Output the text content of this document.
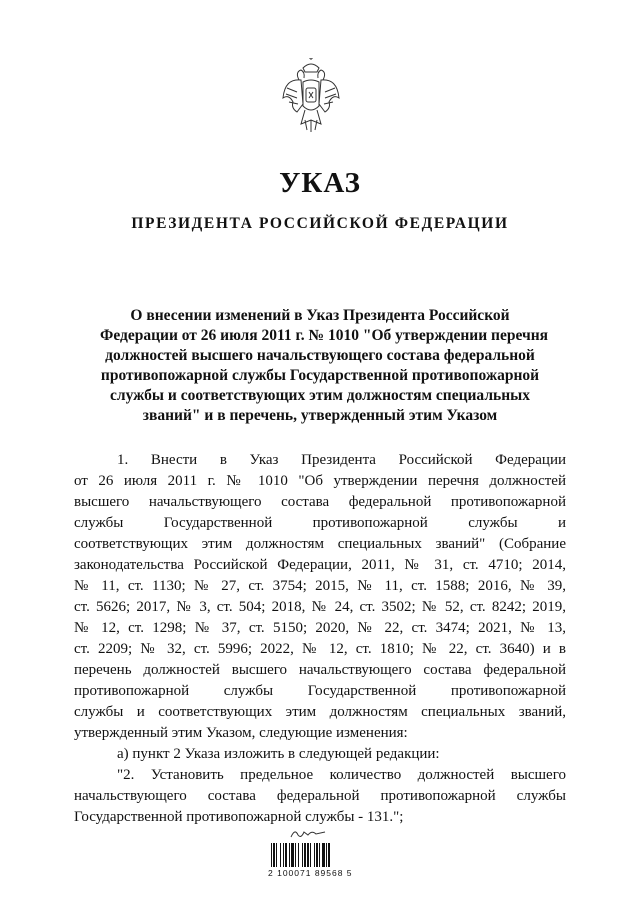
УКАЗ
ПРЕЗИДЕНТА РОССИЙСКОЙ ФЕДЕРАЦИИ
О внесении изменений в Указ Президента Российской
Федерации от 26 июля 2011 г. № 1010 "Об утверждении перечня
должностей высшего начальствующего состава федеральной
противопожарной службы Государственной противопожарной
службы и соответствующих этим должностям специальных
званий" и в перечень, утвержденный этим Указом
1. Внести в Указ Президента Российской Федерации
от 26 июля 2011 г. № 1010 "Об утверждении перечня должностей
высшего начальствующего состава федеральной противопожарной
службы Государственной противопожарной службы и
соответствующих этим должностям специальных званий" (Собрание
законодательства Российской Федерации, 2011, № 31, ст. 4710; 2014,
№ 11, ст. 1130; № 27, ст. 3754; 2015, № 11, ст. 1588; 2016, № 39,
ст. 5626; 2017, № 3, ст. 504; 2018, № 24, ст. 3502; № 52, ст. 8242; 2019,
№ 12, ст. 1298; № 37, ст. 5150; 2020, № 22, ст. 3474; 2021, № 13,
ст. 2209; № 32, ст. 5996; 2022, № 12, ст. 1810; № 22, ст. 3640) и в
перечень должностей высшего начальствующего состава федеральной
противопожарной службы Государственной противопожарной
службы и соответствующих этим должностям специальных званий,
утвержденный этим Указом, следующие изменения:
а) пункт 2 Указа изложить в следующей редакции:
"2. Установить предельное количество должностей высшего
начальствующего состава федеральной противопожарной службы
Государственной противопожарной службы - 131.";
2 100071 89568 5
